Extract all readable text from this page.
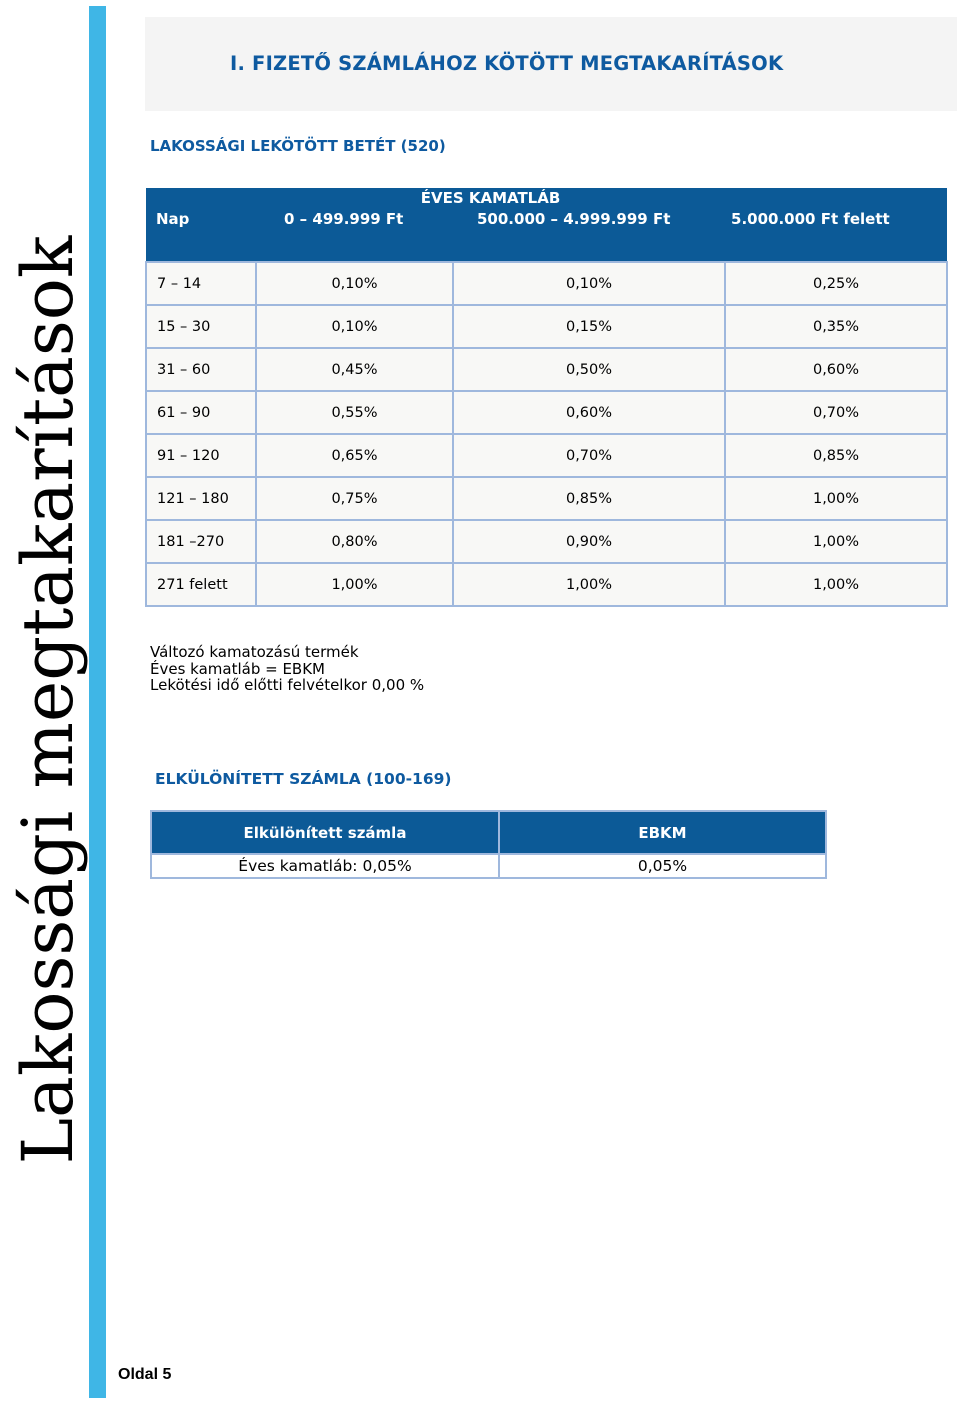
Lakossági megtakarítások
I. FIZETŐ SZÁMLÁHOZ KÖTÖTT MEGTAKARÍTÁSOK
LAKOSSÁGI LEKÖTÖTT BETÉT (520)
	ÉVES KAMATLÁB		
Nap	0 – 499.999 Ft	500.000 – 4.999.999 Ft	5.000.000 Ft felett

7 – 14	0,10%	0,10%	0,25%
15 – 30	0,10%	0,15%	0,35%
31 – 60	0,45%	0,50%	0,60%
61 – 90	0,55%	0,60%	0,70%
91 – 120	0,65%	0,70%	0,85%
121 – 180	0,75%	0,85%	1,00%
181 –270	0,80%	0,90%	1,00%
271 felett	1,00%	1,00%	1,00%
Változó kamatozású termék
Éves kamatláb = EBKM
Lekötési idő előtti felvételkor 0,00 %
ELKÜLÖNÍTETT SZÁMLA (100-169)
Elkülönített számla	EBKM
Éves kamatláb: 0,05%	0,05%
Oldal 5
